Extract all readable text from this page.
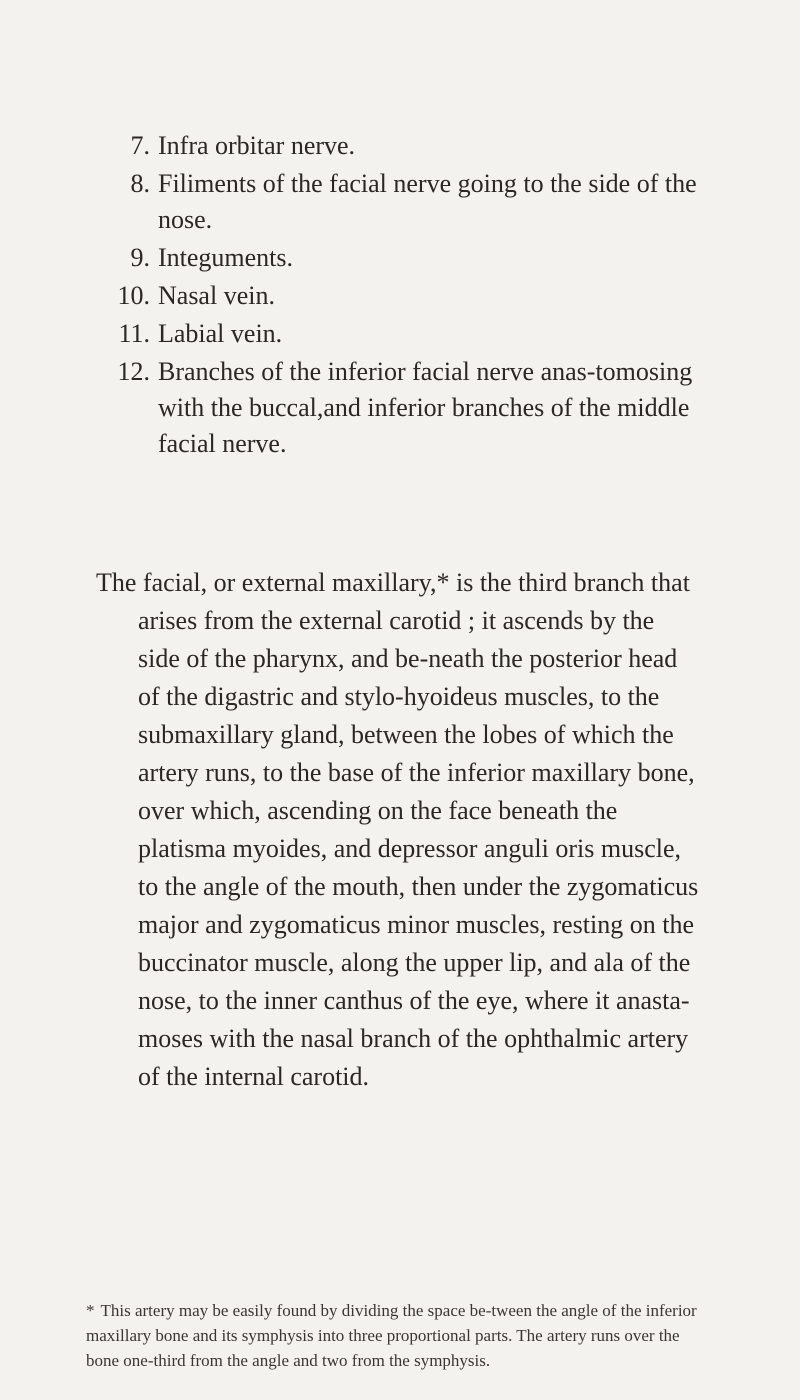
7. Infra orbitar nerve.
8. Filiments of the facial nerve going to the side of the nose.
9. Integuments.
10. Nasal vein.
11. Labial vein.
12. Branches of the inferior facial nerve anas-tomosing with the buccal,and inferior branches of the middle facial nerve.

The facial, or external maxillary,* is the third branch that arises from the external carotid ; it ascends by the side of the pharynx, and be-neath the posterior head of the digastric and stylo-hyoideus muscles, to the submaxillary gland, between the lobes of which the artery runs, to the base of the inferior maxillary bone, over which, ascending on the face beneath the platisma myoides, and depressor anguli oris muscle, to the angle of the mouth, then under the zygomaticus major and zygomaticus minor muscles, resting on the buccinator muscle, along the upper lip, and ala of the nose, to the inner canthus of the eye, where it anasta-moses with the nasal branch of the ophthalmic artery of the internal carotid.

* This artery may be easily found by dividing the space be-tween the angle of the inferior maxillary bone and its symphysis into three proportional parts. The artery runs over the bone one-third from the angle and two from the symphysis.
